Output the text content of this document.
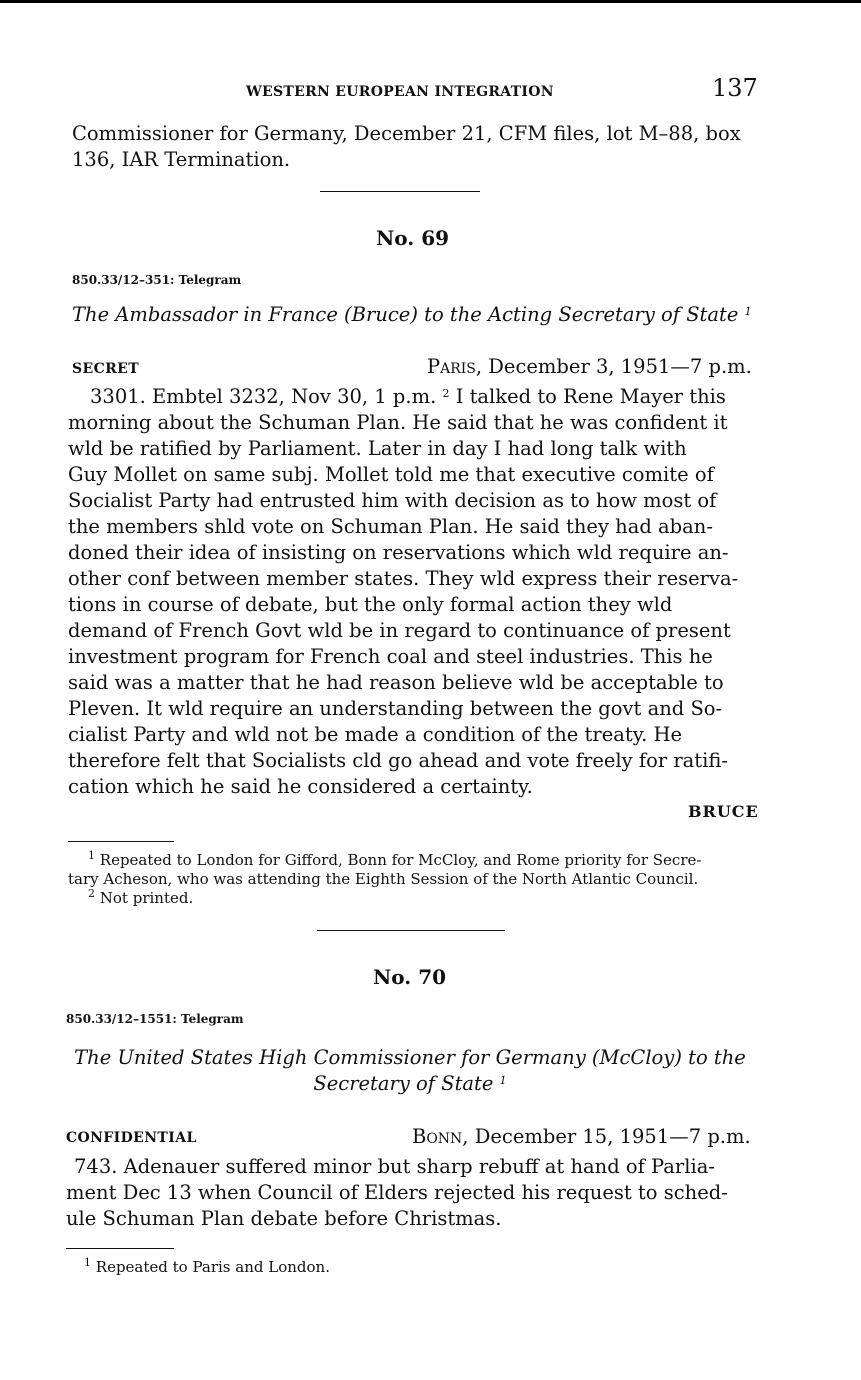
WESTERN EUROPEAN INTEGRATION	137

Commissioner for Germany, December 21, CFM files, lot M–88, box 136, IAR Termination.

No. 69
850.33/12–351: Telegram
The Ambassador in France (Bruce) to the Acting Secretary of State $^1$
SECRET	Paris, December 3, 1951—7 p.m.
3301. Embtel 3232, Nov 30, 1 p.m. $^2$ I talked to Rene Mayer this
morning about the Schuman Plan. He said that he was confident it
wld be ratified by Parliament. Later in day I had long talk with
Guy Mollet on same subj. Mollet told me that executive comite of
Socialist Party had entrusted him with decision as to how most of
the members shld vote on Schuman Plan. He said they had aban-
doned their idea of insisting on reservations which wld require an-
other conf between member states. They wld express their reserva-
tions in course of debate, but the only formal action they wld
demand of French Govt wld be in regard to continuance of present
investment program for French coal and steel industries. This he
said was a matter that he had reason believe wld be acceptable to
Pleven. It wld require an understanding between the govt and So-
cialist Party and wld not be made a condition of the treaty. He
therefore felt that Socialists cld go ahead and vote freely for ratifi-
cation which he said he considered a certainty.
BRUCE
$^1$ Repeated to London for Gifford, Bonn for McCloy, and Rome priority for Secre-
tary Acheson, who was attending the Eighth Session of the North Atlantic Council.
$^2$ Not printed.
No. 70
850.33/12–1551: Telegram
The United States High Commissioner for Germany (McCloy) to the
Secretary of State $^1$
CONFIDENTIAL	Bonn, December 15, 1951—7 p.m.
743. Adenauer suffered minor but sharp rebuff at hand of Parlia-
ment Dec 13 when Council of Elders rejected his request to sched-
ule Schuman Plan debate before Christmas.
$^1$ Repeated to Paris and London.
